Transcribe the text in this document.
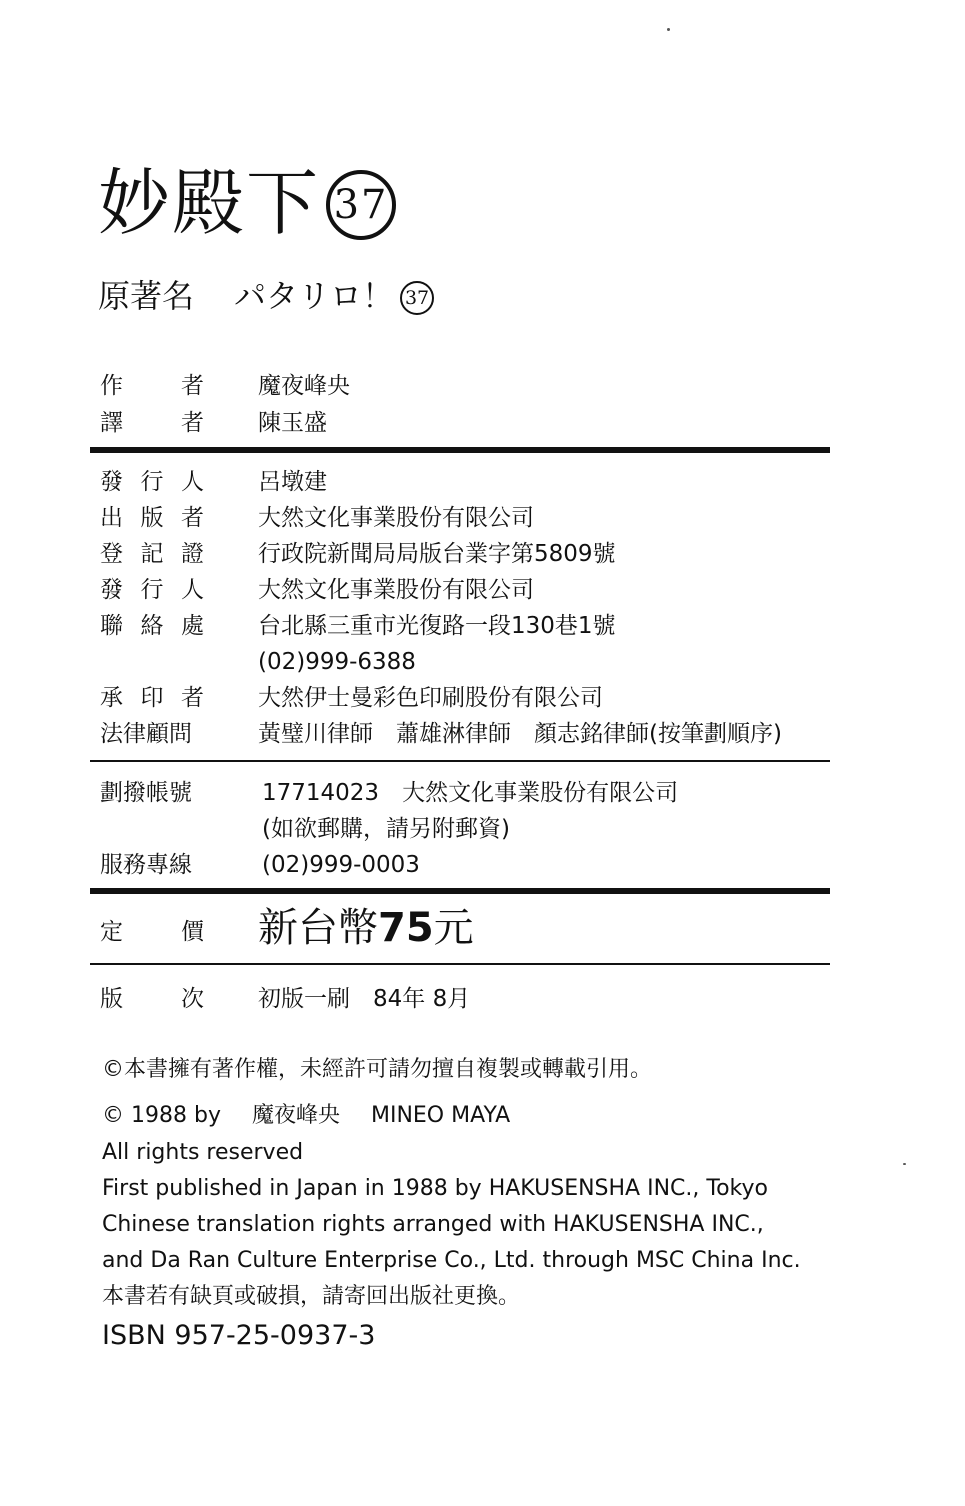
妙殿下 37
原著名 パタリロ！ 37
作	者 魔夜峰央
譯	者 陳玉盛
發 行 人 呂墩建
出 版 者 大然文化事業股份有限公司
登 記 證 行政院新聞局局版台業字第5809號
發 行 人 大然文化事業股份有限公司
聯 絡 處 台北縣三重市光復路一段130巷1號
(02)999-6388
承 印 者 大然伊士曼彩色印刷股份有限公司
法律顧問	黃璧川律師　蕭雄淋律師　顏志銘律師(按筆劃順序)
劃撥帳號	17714023　大然文化事業股份有限公司
(如欲郵購，請另附郵資)
服務專線	(02)999-0003
定	價 新台幣75元
版	次 初版一刷　84年 8月
©本書擁有著作權，未經許可請勿擅自複製或轉載引用。
© 1988 by 魔夜峰央 MINEO MAYA
All rights reserved
First published in Japan in 1988 by HAKUSENSHA INC., Tokyo
Chinese translation rights arranged with HAKUSENSHA INC.,
and Da Ran Culture Enterprise Co., Ltd. through MSC China Inc.
本書若有缺頁或破損，請寄回出版社更換。
ISBN 957-25-0937-3
